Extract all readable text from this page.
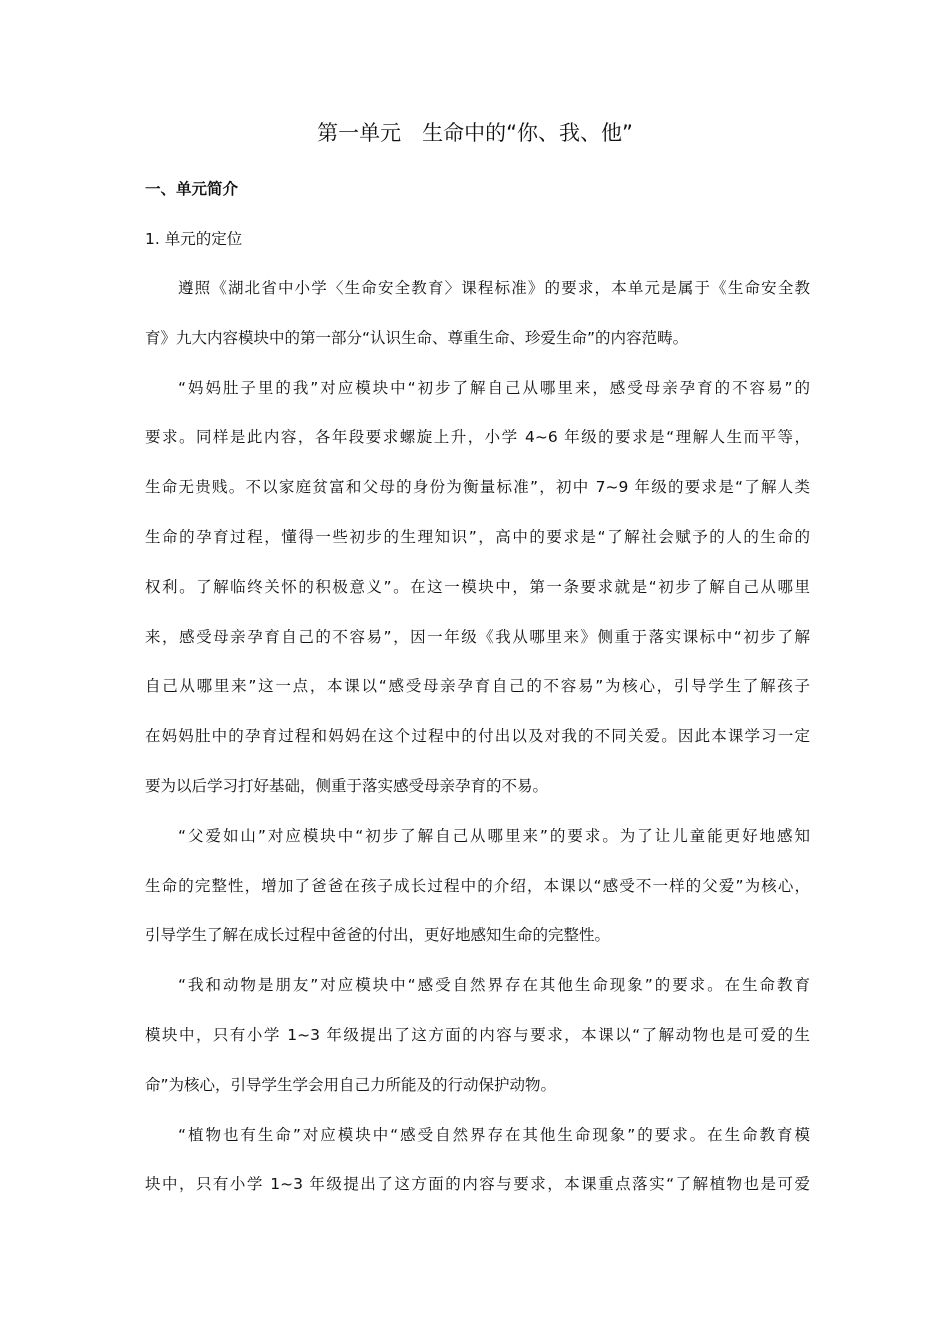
第一单元　生命中的“你、我、他”
一、单元简介
1. 单元的定位
遵照《湖北省中小学〈生命安全教育〉课程标准》的要求，本单元是属于《生命安全教
育》九大内容模块中的第一部分“认识生命、尊重生命、珍爱生命”的内容范畴。
“妈妈肚子里的我”对应模块中“初步了解自己从哪里来，感受母亲孕育的不容易”的
要求。同样是此内容，各年段要求螺旋上升，小学 4~6 年级的要求是“理解人生而平等，
生命无贵贱。不以家庭贫富和父母的身份为衡量标准”，初中 7~9 年级的要求是“了解人类
生命的孕育过程，懂得一些初步的生理知识”，高中的要求是“了解社会赋予的人的生命的
权利。了解临终关怀的积极意义”。在这一模块中，第一条要求就是“初步了解自己从哪里
来，感受母亲孕育自己的不容易”，因一年级《我从哪里来》侧重于落实课标中“初步了解
自己从哪里来”这一点，本课以“感受母亲孕育自己的不容易”为核心，引导学生了解孩子
在妈妈肚中的孕育过程和妈妈在这个过程中的付出以及对我的不同关爱。因此本课学习一定
要为以后学习打好基础，侧重于落实感受母亲孕育的不易。
“父爱如山”对应模块中“初步了解自己从哪里来”的要求。为了让儿童能更好地感知
生命的完整性，增加了爸爸在孩子成长过程中的介绍，本课以“感受不一样的父爱”为核心，
引导学生了解在成长过程中爸爸的付出，更好地感知生命的完整性。
“我和动物是朋友”对应模块中“感受自然界存在其他生命现象”的要求。在生命教育
模块中，只有小学 1~3 年级提出了这方面的内容与要求，本课以“了解动物也是可爱的生
命”为核心，引导学生学会用自己力所能及的行动保护动物。
“植物也有生命”对应模块中“感受自然界存在其他生命现象”的要求。在生命教育模
块中，只有小学 1~3 年级提出了这方面的内容与要求，本课重点落实“了解植物也是可爱
